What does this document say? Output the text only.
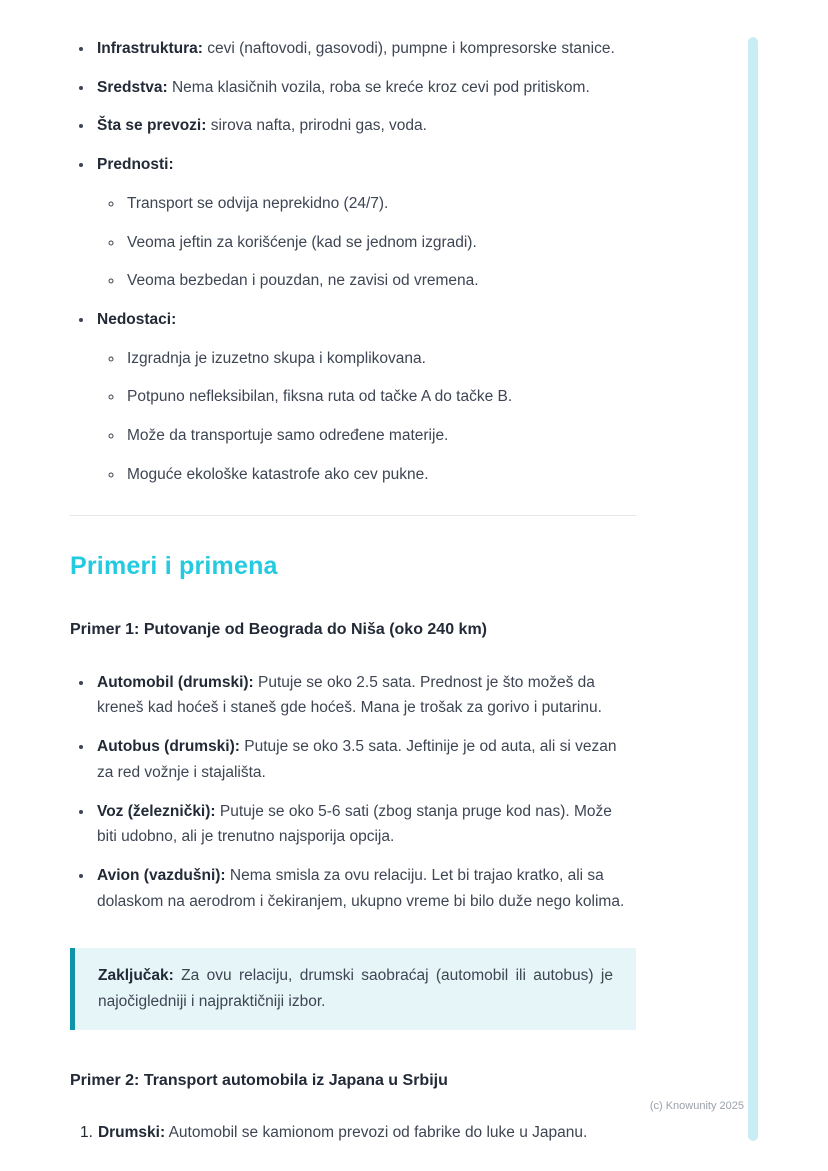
• Infrastruktura: cevi (naftovodi, gasovodi), pumpne i kompresorske stanice.
• Sredstva: Nema klasičnih vozila, roba se kreće kroz cevi pod pritiskom.
• Šta se prevozi: sirova nafta, prirodni gas, voda.
• Prednosti:
◦ Transport se odvija neprekidno (24/7).
◦ Veoma jeftin za korišćenje (kad se jednom izgradi).
◦ Veoma bezbedan i pouzdan, ne zavisi od vremena.
• Nedostaci:
◦ Izgradnja je izuzetno skupa i komplikovana.
◦ Potpuno nefleksibilan, fiksna ruta od tačke A do tačke B.
◦ Može da transportuje samo određene materije.
◦ Moguće ekološke katastrofe ako cev pukne.
Primeri i primena
Primer 1: Putovanje od Beograda do Niša (oko 240 km)
• Automobil (drumski): Putuje se oko 2.5 sata. Prednost je što možeš da kreneš kad hoćeš i staneš gde hoćeš. Mana je trošak za gorivo i putarinu.
• Autobus (drumski): Putuje se oko 3.5 sata. Jeftinije je od auta, ali si vezan za red vožnje i stajališta.
• Voz (železnički): Putuje se oko 5-6 sati (zbog stanja pruge kod nas). Može biti udobno, ali je trenutno najsporija opcija.
• Avion (vazdušni): Nema smisla za ovu relaciju. Let bi trajao kratko, ali sa dolaskom na aerodrom i čekiranjem, ukupno vreme bi bilo duže nego kolima.
Zaključak: Za ovu relaciju, drumski saobraćaj (automobil ili autobus) je najočigledniji i najpraktičniji izbor.
Primer 2: Transport automobila iz Japana u Srbiju
1. Drumski: Automobil se kamionom prevozi od fabrike do luke u Japanu.
(c) Knowunity 2025
